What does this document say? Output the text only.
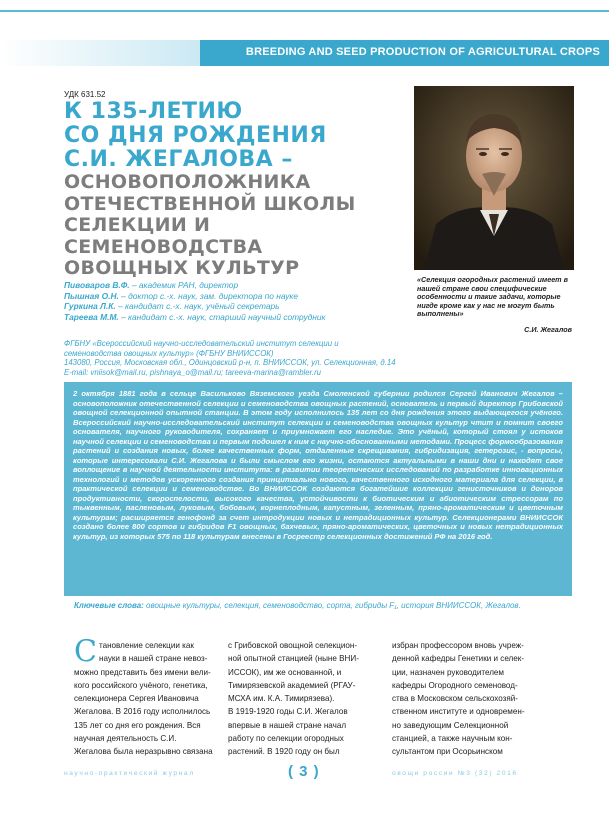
BREEDING AND SEED PRODUCTION OF AGRICULTURAL CROPS
УДК 631.52
К 135-ЛЕТИЮ
СО ДНЯ РОЖДЕНИЯ
С.И. ЖЕГАЛОВА –
ОСНОВОПОЛОЖНИКА
ОТЕЧЕСТВЕННОЙ ШКОЛЫ
СЕЛЕКЦИИ И СЕМЕНОВОДСТВА
ОВОЩНЫХ КУЛЬТУР
«Селекция огородных растений имеет в нашей стране свои специфические особенности и такие задачи, которые нигде кроме как у нас не могут быть выполнены»
С.И. Жегалов
Пивоваров В.Ф. – академик РАН, директор
Пышная О.Н. – доктор с.-х. наук, зам. директора по науке
Гуркина Л.К. – кандидат с.-х. наук, учёный секретарь
Тареева М.М. – кандидат с.-х. наук, старший научный сотрудник
ФГБНУ «Всероссийский научно-исследовательский институт селекции и
семеноводства овощных культур» (ФГБНУ ВНИИССОК)
143080, Россия, Московская обл., Одинцовский р-н, п. ВНИИССОК, ул. Селекционная, д.14
E-mail: vniisok@mail.ru, pishnaya_o@mail.ru; tareeva-marina@rambler.ru

2 октября 1881 года в сельце Васильково Вяземского уезда Смоленской губернии родился Сергей Иванович Жегалов – основоположник отечественной селекции и семеноводства овощных растений, основатель и первый директор Грибовской овощной селекционной опытной станции. В этом году исполнилось 135 лет со дня рождения этого выдающегося учёного. Всероссийский научно-исследовательский институт селекции и семеноводства овощных культур чтит и помнит своего основателя, научного руководителя, сохраняет и приумножает его наследие. Это учёный, который стоял у истоков научной селекции и семеноводства и первым подошел к ним с научно-обоснованными методами. Процесс формообразования растений и создания новых, более качественных форм, отдаленные скрещивания, гибридизация, гетерозис, - вопросы, которые интересовали С.И. Жегалова и были смыслом его жизни, остаются актуальными в наши дни и находят свое воплощение в научной деятельности института: в развитии теоретических исследований по разработке инновационных технологий и методов ускоренного создания принципиально нового, качественного исходного материала для селекции, в практической селекции и семеноводстве. Во ВНИИССОК создаются богатейшие коллекции генисточников и доноров продуктивности, скороспелости, высокого качества, устойчивости к биотическим и абиотическим стрессорам по тыквенным, пасленовым, луковым, бобовым, корнеплодным, капустным, зеленным, пряно-ароматическим и цветочным культурам; расширяется генофонд за счет интродукции новых и нетрадиционных культур. Селекционерами ВНИИССОК создано более 800 сортов и гибридов F1 овощных, бахчевых, пряно-ароматических, цветочных и новых нетрадиционных культур, из которых 575 по 118 культурам внесены в Госреестр селекционных достижений РФ на 2016 год.

Ключевые слова: овощные культуры, селекция, семеноводство, сорта, гибриды F₁, история ВНИИССОК, Жегалов.
С тановление селекции как
науки в нашей стране невоз-
можно представить без имени вели-
кого российского учёного, генетика,
селекционера Сергея Ивановича
Жегалова. В 2016 году исполнилось
135 лет со дня его рождения. Вся
научная деятельность С.И.
Жегалова была неразрывно связана
с Грибовской овощной селекцион-
ной опытной станцией (ныне ВНИ-
ИССОК), им же основанной, и
Тимирязевской академией (РГАУ-
МСХА им. К.А. Тимирязева).
В 1919-1920 годы С.И. Жегалов
впервые в нашей стране начал
работу по селекции огородных
растений. В 1920 году он был
избран профессором вновь учреж-
денной кафедры Генетики и селек-
ции, назначен руководителем
кафедры Огородного семеновод-
ства в Московском сельскохозяй-
ственном институте и одновремен-
но заведующим Селекционной
станцией, а также научным кон-
сультантом при Осорьинском
научно-практический журнал	( 3 )	овощи россии №3 (32) 2016
